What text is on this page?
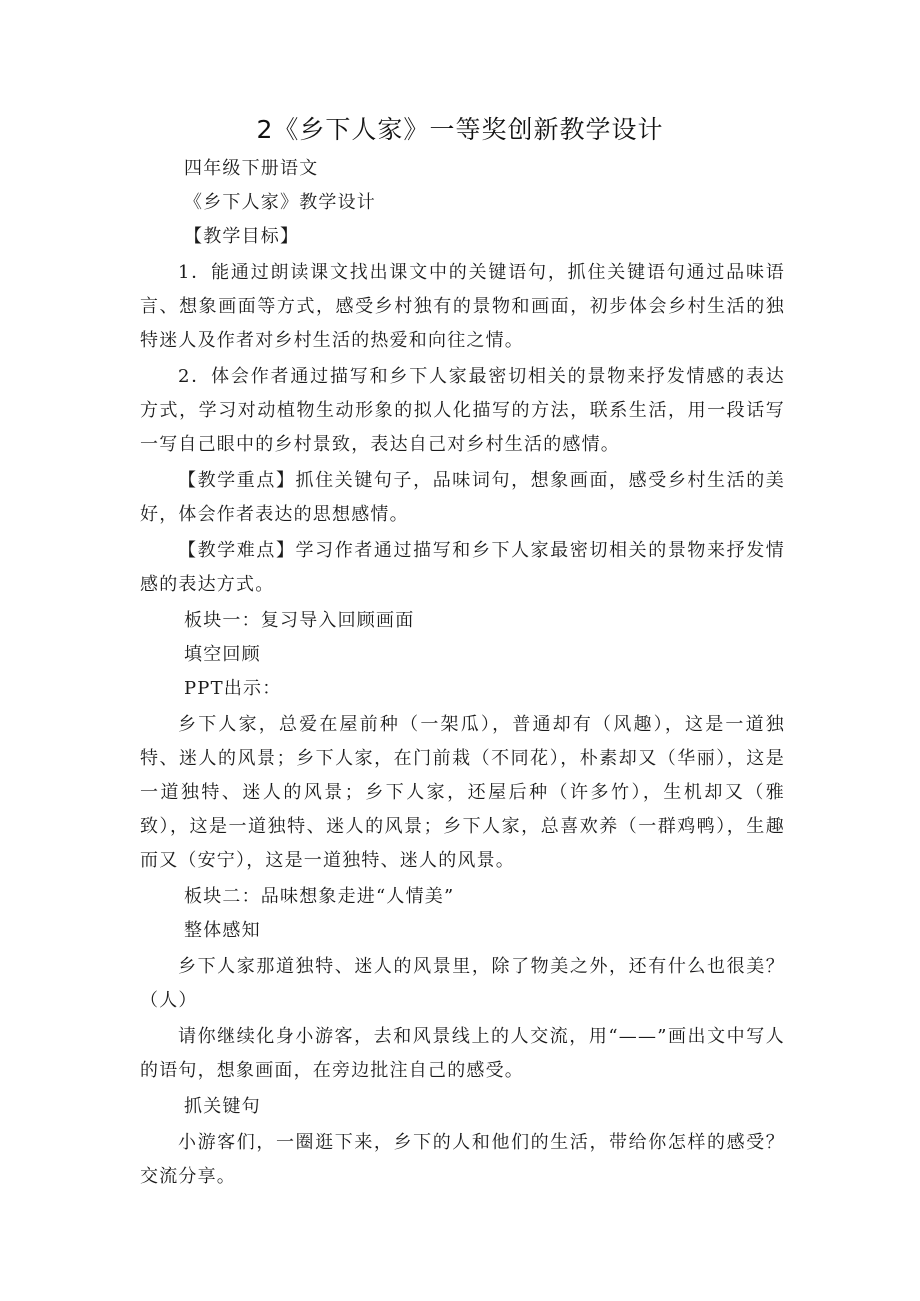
2《乡下人家》一等奖创新教学设计

四年级下册语文

《乡下人家》教学设计

【教学目标】

1．能通过朗读课文找出课文中的关键语句，抓住关键语句通过品味语言、想象画面等方式，感受乡村独有的景物和画面，初步体会乡村生活的独特迷人及作者对乡村生活的热爱和向往之情。

2．体会作者通过描写和乡下人家最密切相关的景物来抒发情感的表达方式，学习对动植物生动形象的拟人化描写的方法，联系生活，用一段话写一写自己眼中的乡村景致，表达自己对乡村生活的感情。

【教学重点】抓住关键句子，品味词句，想象画面，感受乡村生活的美好，体会作者表达的思想感情。

【教学难点】学习作者通过描写和乡下人家最密切相关的景物来抒发情感的表达方式。

板块一：复习导入回顾画面

填空回顾

PPT出示：

乡下人家，总爱在屋前种（一架瓜），普通却有（风趣），这是一道独特、迷人的风景；乡下人家，在门前栽（不同花），朴素却又（华丽），这是一道独特、迷人的风景；乡下人家，还屋后种（许多竹），生机却又（雅致），这是一道独特、迷人的风景；乡下人家，总喜欢养（一群鸡鸭），生趣而又（安宁），这是一道独特、迷人的风景。

板块二：品味想象走进“人情美”

整体感知

乡下人家那道独特、迷人的风景里，除了物美之外，还有什么也很美？（人）

请你继续化身小游客，去和风景线上的人交流，用“——”画出文中写人的语句，想象画面，在旁边批注自己的感受。

抓关键句

小游客们，一圈逛下来，乡下的人和他们的生活，带给你怎样的感受？交流分享。
